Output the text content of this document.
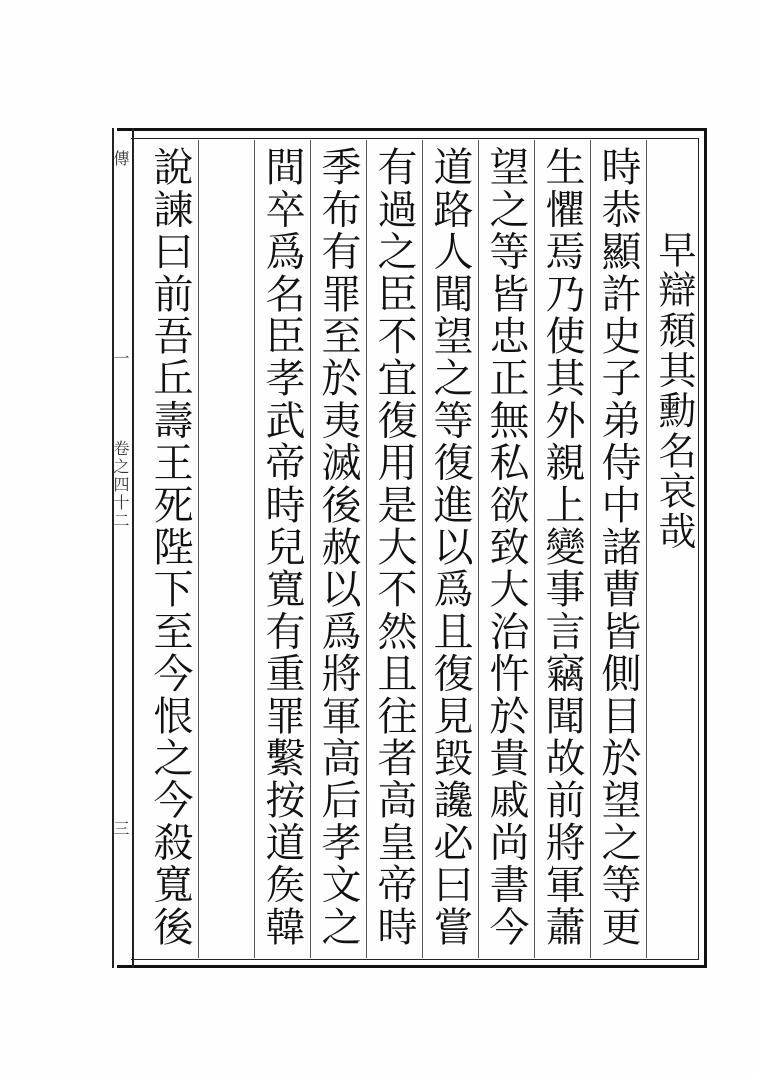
傳
一
卷之四十二
三
早辯頹其勳名哀哉
時恭顯許史子弟侍中諸曹皆側目於望之等更
生懼焉乃使其外親上變事言竊聞故前將軍蕭
望之等皆忠正無私欲致大治忤於貴戚尚書今
道路人聞望之等復進以爲且復見毀讒必曰嘗
有過之臣不宜復用是大不然且往者高皇帝時
季布有罪至於夷滅後赦以爲將軍高后孝文之
間卒爲名臣孝武帝時兒寬有重罪繫按道矦韓
說諫曰前吾丘壽王死陛下至今恨之今殺寬後
